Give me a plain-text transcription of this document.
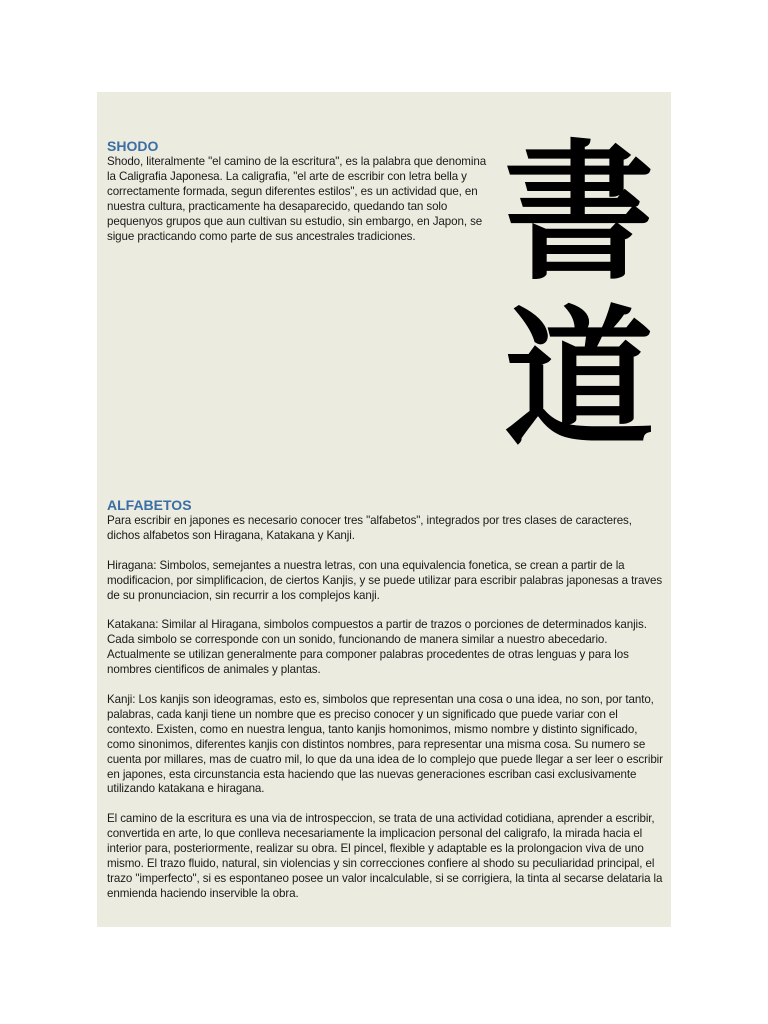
SHODO

Shodo, literalmente "el camino de la escritura", es la palabra que denomina la Caligrafia Japonesa. La caligrafia, "el arte de escribir con letra bella y correctamente formada, segun diferentes estilos", es un actividad que, en nuestra cultura, practicamente ha desaparecido, quedando tan solo pequenyos grupos que aun cultivan su estudio, sin embargo, en Japon, se sigue practicando como parte de sus ancestrales tradiciones. 書
道
ALFABETOS

Para escribir en japones es necesario conocer tres "alfabetos", integrados por tres clases de caracteres, dichos alfabetos son Hiragana, Katakana y Kanji.

Hiragana: Simbolos, semejantes a nuestra letras, con una equivalencia fonetica, se crean a partir de la modificacion, por simplificacion, de ciertos Kanjis, y se puede utilizar para escribir palabras japonesas a traves de su pronunciacion, sin recurrir a los complejos kanji.

Katakana: Similar al Hiragana, simbolos compuestos a partir de trazos o porciones de determinados kanjis. Cada simbolo se corresponde con un sonido, funcionando de manera similar a nuestro abecedario. Actualmente se utilizan generalmente para componer palabras procedentes de otras lenguas y para los nombres cientificos de animales y plantas.

Kanji: Los kanjis son ideogramas, esto es, simbolos que representan una cosa o una idea, no son, por tanto, palabras, cada kanji tiene un nombre que es preciso conocer y un significado que puede variar con el contexto. Existen, como en nuestra lengua, tanto kanjis homonimos, mismo nombre y distinto significado, como sinonimos, diferentes kanjis con distintos nombres, para representar una misma cosa. Su numero se cuenta por millares, mas de cuatro mil, lo que da una idea de lo complejo que puede llegar a ser leer o escribir en japones, esta circunstancia esta haciendo que las nuevas generaciones escriban casi exclusivamente utilizando katakana e hiragana.

El camino de la escritura es una via de introspeccion, se trata de una actividad cotidiana, aprender a escribir, convertida en arte, lo que conlleva necesariamente la implicacion personal del caligrafo, la mirada hacia el interior para, posteriormente, realizar su obra. El pincel, flexible y adaptable es la prolongacion viva de uno mismo. El trazo fluido, natural, sin violencias y sin correcciones confiere al shodo su peculiaridad principal, el trazo "imperfecto", si es espontaneo posee un valor incalculable, si se corrigiera, la tinta al secarse delataria la enmienda haciendo inservible la obra.
